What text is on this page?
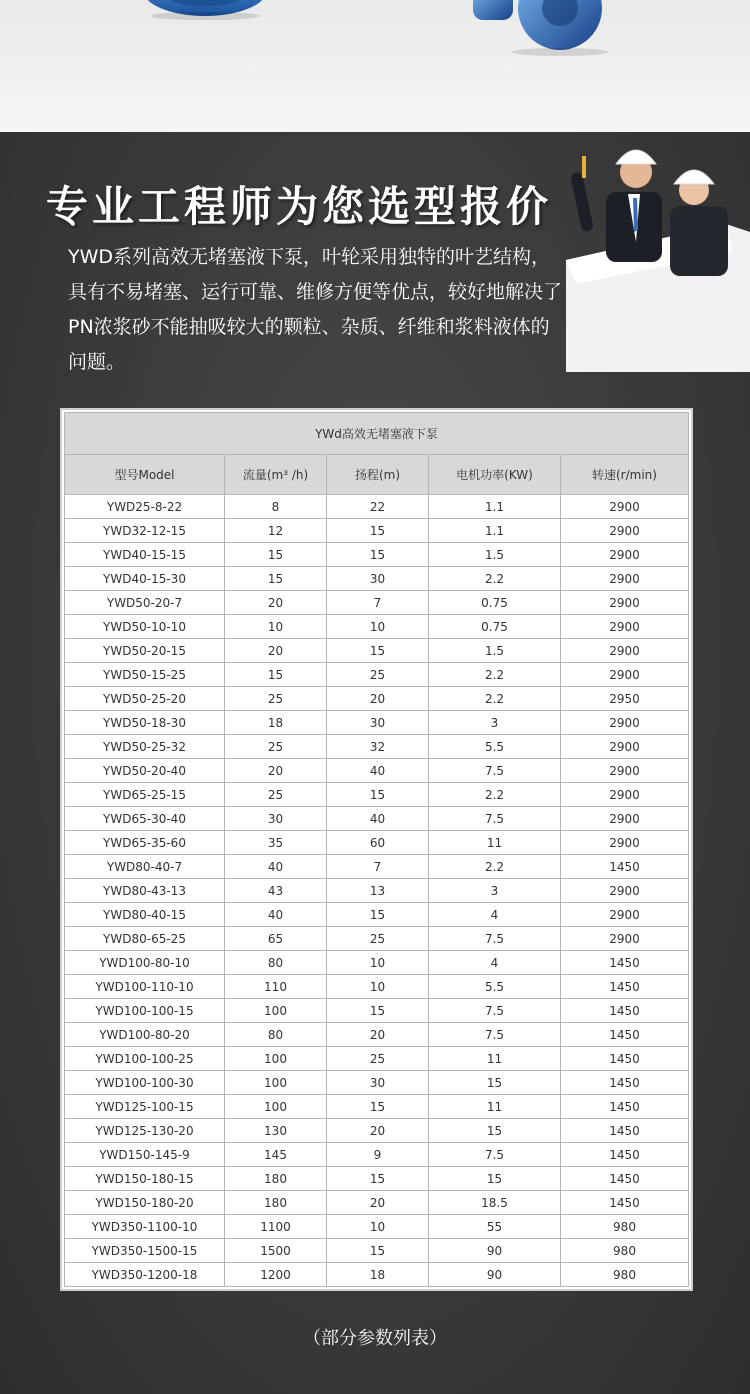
专业工程师为您选型报价

YWD系列高效无堵塞液下泵，叶轮采用独特的叶艺结构，具有不易堵塞、运行可靠、维修方便等优点，较好地解决了PN浓浆砂不能抽吸较大的颗粒、杂质、纤维和浆料液体的问题。

YWd高效无堵塞液下泵				
型号Model	流量(m³ /h)	扬程(m)	电机功率(KW)	转速(r/min)
YWD25-8-22	8	22	1.1	2900
YWD32-12-15	12	15	1.1	2900
YWD40-15-15	15	15	1.5	2900
YWD40-15-30	15	30	2.2	2900
YWD50-20-7	20	7	0.75	2900
YWD50-10-10	10	10	0.75	2900
YWD50-20-15	20	15	1.5	2900
YWD50-15-25	15	25	2.2	2900
YWD50-25-20	25	20	2.2	2950
YWD50-18-30	18	30	3	2900
YWD50-25-32	25	32	5.5	2900
YWD50-20-40	20	40	7.5	2900
YWD65-25-15	25	15	2.2	2900
YWD65-30-40	30	40	7.5	2900
YWD65-35-60	35	60	11	2900
YWD80-40-7	40	7	2.2	1450
YWD80-43-13	43	13	3	2900
YWD80-40-15	40	15	4	2900
YWD80-65-25	65	25	7.5	2900
YWD100-80-10	80	10	4	1450
YWD100-110-10	110	10	5.5	1450
YWD100-100-15	100	15	7.5	1450
YWD100-80-20	80	20	7.5	1450
YWD100-100-25	100	25	11	1450
YWD100-100-30	100	30	15	1450
YWD125-100-15	100	15	11	1450
YWD125-130-20	130	20	15	1450
YWD150-145-9	145	9	7.5	1450
YWD150-180-15	180	15	15	1450
YWD150-180-20	180	20	18.5	1450
YWD350-1100-10	1100	10	55	980
YWD350-1500-15	1500	15	90	980
YWD350-1200-18	1200	18	90	980

（部分参数列表）
